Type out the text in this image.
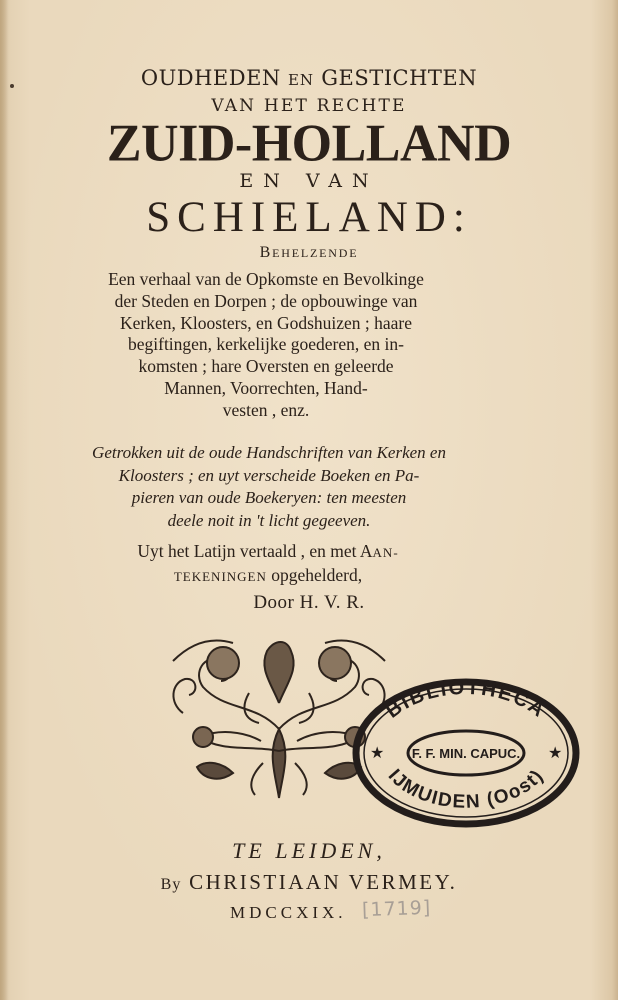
OUDHEDEN EN GESTICHTEN
VAN HET RECHTE
ZUID-HOLLAND
EN VAN
SCHIELAND:
BEHELZENDE
Een verhaal van de Opkomste en Bevolkinge
der Steden en Dorpen ; de opbouwinge van
Kerken, Kloosters, en Godshuizen ; haare
begiftingen, kerkelijke goederen, en in-
komsten ; hare Oversten en geleerde
Mannen, Voorrechten, Hand-
vesten , enz.
Getrokken uit de oude Handschriften van Kerken en
Kloosters ; en uyt verscheide Boeken en Pa-
pieren van oude Boekeryen: ten meesten
deele noit in 't licht gegeeven.
Uyt het Latijn vertaald , en met AAN-
TEKENINGEN opgehelderd,
Door H. V. R.
BIBLIOTHECA
F. F. MIN. CAPUC.
IJMUIDEN (Oost)
★	★
TE LEIDEN,
By CHRISTIAAN VERMEY.
MDCCXIX. [1719]
